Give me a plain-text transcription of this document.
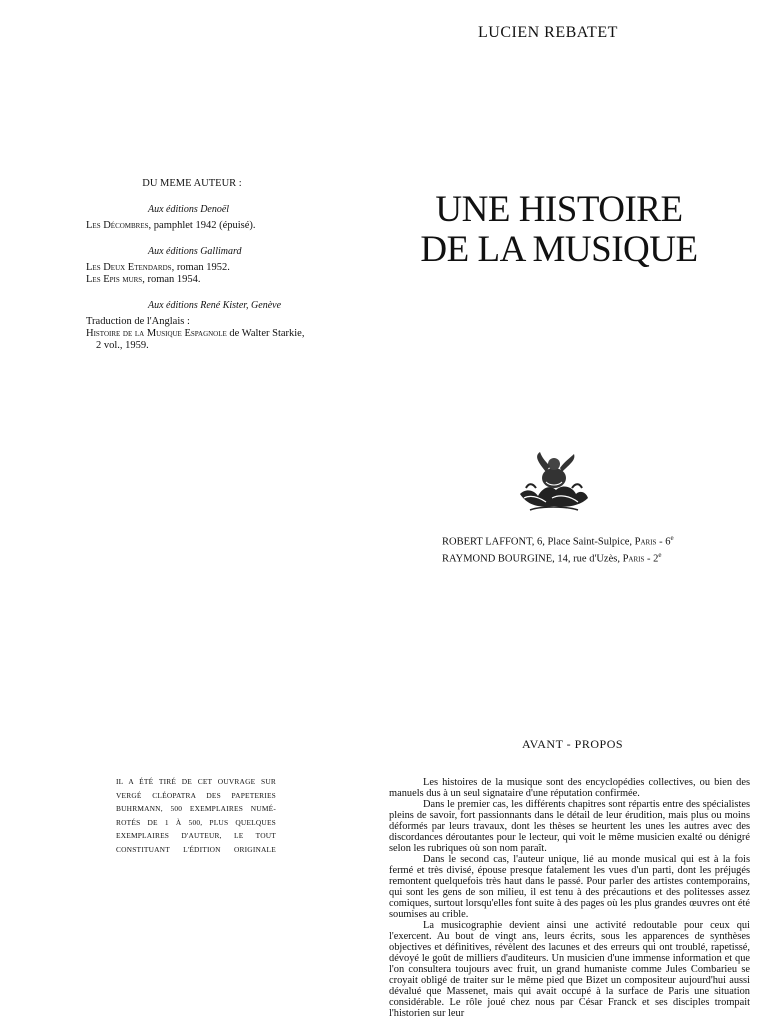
LUCIEN REBATET
UNE HISTOIRE
DE LA MUSIQUE
ROBERT LAFFONT, 6, Place Saint-Sulpice, Paris - 6e
RAYMOND BOURGINE, 14, rue d'Uzès, Paris - 2e
DU MEME AUTEUR :
Aux éditions Denoël
Les Décombres, pamphlet 1942 (épuisé).
Aux éditions Gallimard
Les Deux Etendards, roman 1952.
Les Epis murs, roman 1954.
Aux éditions René Kister, Genève
Traduction de l'Anglais :
Histoire de la Musique Espagnole de Walter Starkie,
2 vol., 1959.
IL A ÉTÉ TIRÉ DE CET OUVRAGE SUR
VERGÉ CLÉOPATRA DES PAPETERIES
BUHRMANN, 500 EXEMPLAIRES NUMÉ-
ROTÉS DE 1 À 500, PLUS QUELQUES
EXEMPLAIRES D'AUTEUR, LE TOUT
CONSTITUANT L'ÉDITION ORIGINALE
AVANT - PROPOS

Les histoires de la musique sont des encyclopédies collectives, ou bien des manuels dus à un seul signataire d'une réputation confirmée.

Dans le premier cas, les différents chapitres sont répartis entre des spécialistes pleins de savoir, fort passionnants dans le détail de leur érudition, mais plus ou moins déformés par leurs travaux, dont les thèses se heurtent les unes les autres avec des discordances déroutantes pour le lecteur, qui voit le même musicien exalté ou dénigré selon les rubriques où son nom paraît.

Dans le second cas, l'auteur unique, lié au monde musical qui est à la fois fermé et très divisé, épouse presque fatalement les vues d'un parti, dont les préjugés remontent quelquefois très haut dans le passé. Pour parler des artistes contemporains, qui sont les gens de son milieu, il est tenu à des précautions et des politesses assez comiques, surtout lorsqu'elles font suite à des pages où les plus grandes œuvres ont été soumises au crible.

La musicographie devient ainsi une activité redoutable pour ceux qui l'exercent. Au bout de vingt ans, leurs écrits, sous les apparences de synthèses objectives et définitives, révèlent des lacunes et des erreurs qui ont troublé, rapetissé, dévoyé le goût de milliers d'auditeurs. Un musicien d'une immense information et que l'on consultera toujours avec fruit, un grand humaniste comme Jules Combarieu se croyait obligé de traiter sur le même pied que Bizet un compositeur aujourd'hui aussi dévalué que Massenet, mais qui avait occupé à la surface de Paris une situation considérable. Le rôle joué chez nous par César Franck et ses disciples trompait l'historien sur leur
